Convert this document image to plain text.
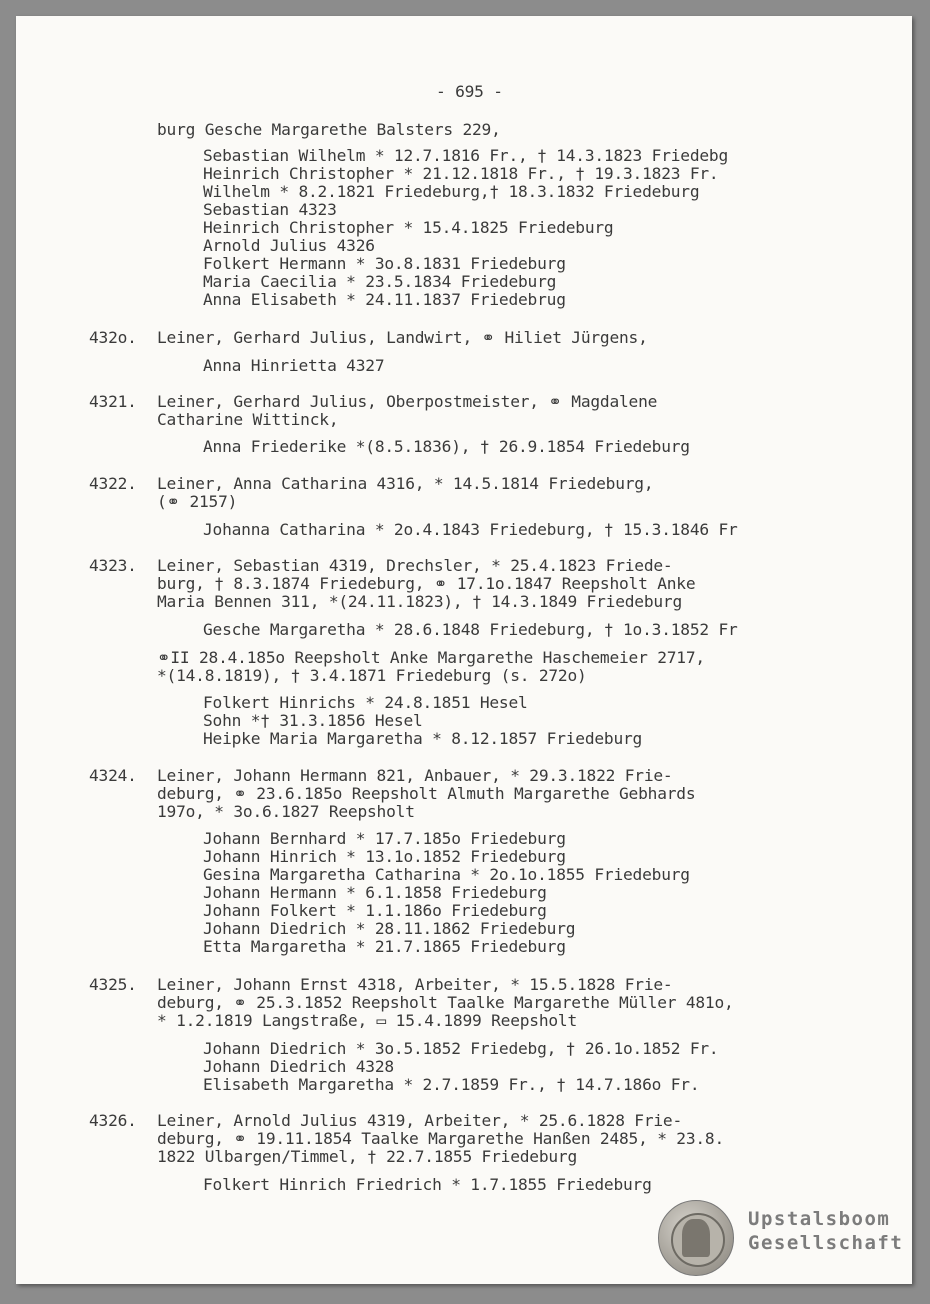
- 695 -
burg Gesche Margarethe Balsters 229,
Sebastian Wilhelm * 12.7.1816 Fr., † 14.3.1823 Friedebg
Heinrich Christopher * 21.12.1818 Fr., † 19.3.1823 Fr.
Wilhelm * 8.2.1821 Friedeburg,† 18.3.1832 Friedeburg
Sebastian 4323
Heinrich Christopher * 15.4.1825 Friedeburg
Arnold Julius 4326
Folkert Hermann * 3o.8.1831 Friedeburg
Maria Caecilia * 23.5.1834 Friedeburg
Anna Elisabeth * 24.11.1837 Friedebrug
432o. Leiner, Gerhard Julius, Landwirt, ⚭ Hiliet Jürgens,
Anna Hinrietta 4327
4321. Leiner, Gerhard Julius, Oberpostmeister, ⚭ Magdalene
Catharine Wittinck,
Anna Friederike *(8.5.1836), † 26.9.1854 Friedeburg
4322. Leiner, Anna Catharina 4316, * 14.5.1814 Friedeburg,
(⚭ 2157)
Johanna Catharina * 2o.4.1843 Friedeburg, † 15.3.1846 Fr
4323. Leiner, Sebastian 4319, Drechsler, * 25.4.1823 Friede-
burg, † 8.3.1874 Friedeburg, ⚭ 17.1o.1847 Reepsholt Anke
Maria Bennen 311, *(24.11.1823), † 14.3.1849 Friedeburg
Gesche Margaretha * 28.6.1848 Friedeburg, † 1o.3.1852 Fr
⚭II 28.4.185o Reepsholt Anke Margarethe Haschemeier 2717,
*(14.8.1819), † 3.4.1871 Friedeburg (s. 272o)
Folkert Hinrichs * 24.8.1851 Hesel
Sohn *† 31.3.1856 Hesel
Heipke Maria Margaretha * 8.12.1857 Friedeburg
4324. Leiner, Johann Hermann 821, Anbauer, * 29.3.1822 Frie-
deburg, ⚭ 23.6.185o Reepsholt Almuth Margarethe Gebhards
197o, * 3o.6.1827 Reepsholt
Johann Bernhard * 17.7.185o Friedeburg
Johann Hinrich * 13.1o.1852 Friedeburg
Gesina Margaretha Catharina * 2o.1o.1855 Friedeburg
Johann Hermann * 6.1.1858 Friedeburg
Johann Folkert * 1.1.186o Friedeburg
Johann Diedrich * 28.11.1862 Friedeburg
Etta Margaretha * 21.7.1865 Friedeburg
4325. Leiner, Johann Ernst 4318, Arbeiter, * 15.5.1828 Frie-
deburg, ⚭ 25.3.1852 Reepsholt Taalke Margarethe Müller 481o,
* 1.2.1819 Langstraße, ▭ 15.4.1899 Reepsholt
Johann Diedrich * 3o.5.1852 Friedebg, † 26.1o.1852 Fr.
Johann Diedrich 4328
Elisabeth Margaretha * 2.7.1859 Fr., † 14.7.186o Fr.
4326. Leiner, Arnold Julius 4319, Arbeiter, * 25.6.1828 Frie-
deburg, ⚭ 19.11.1854 Taalke Margarethe Hanßen 2485, * 23.8.
1822 Ulbargen/Timmel, † 22.7.1855 Friedeburg
Folkert Hinrich Friedrich * 1.7.1855 Friedeburg
Upstalsboom
Gesellschaft
